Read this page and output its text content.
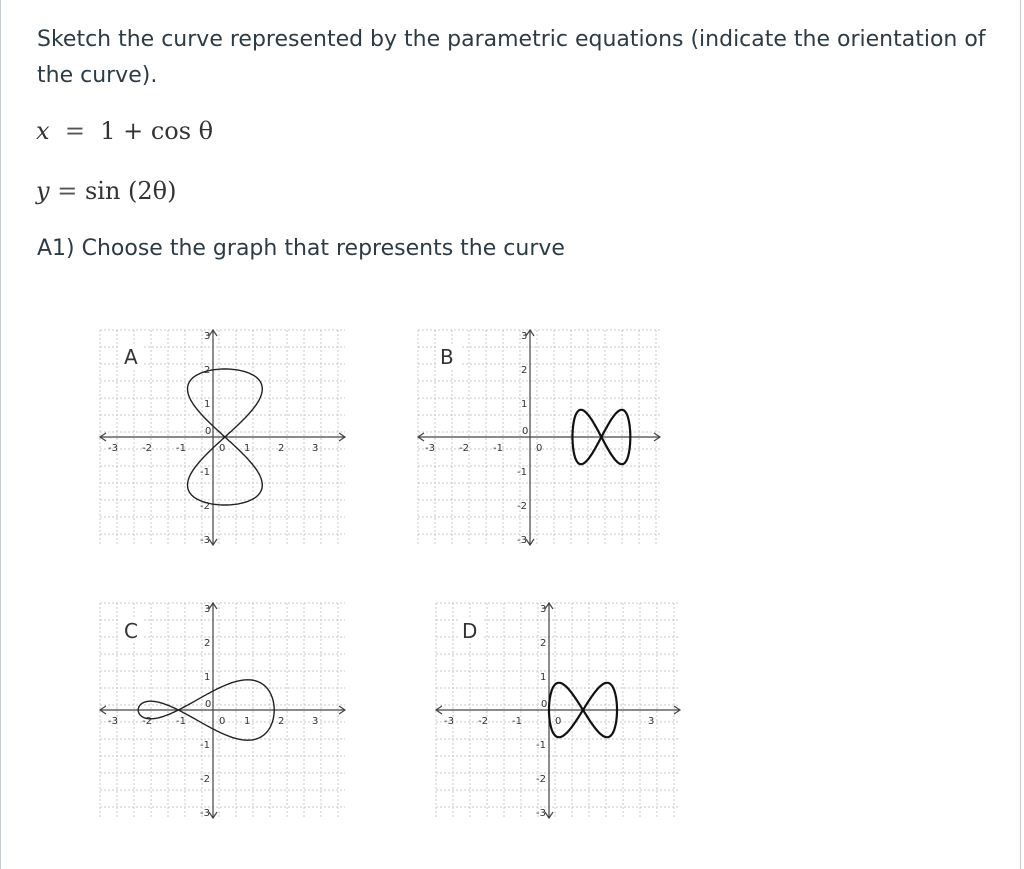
Sketch the curve represented by the parametric equations (indicate the orientation of the curve).
x = 1 + cos θ
y = sin (2θ)
A1) Choose the graph that represents the curve
-3 -2 -1	0 1	2	3
3
2
1
0
-1
-2
-3
A
-3 -2 -1	0
3
2
1
0
-1
-2
-3
B
-3 -2 -1	0 1	2	3
3
2
1
0
-1
-2
-3
C
-3 -2 -1	0	3
3
2
1
0
-1
-2
-3
D
